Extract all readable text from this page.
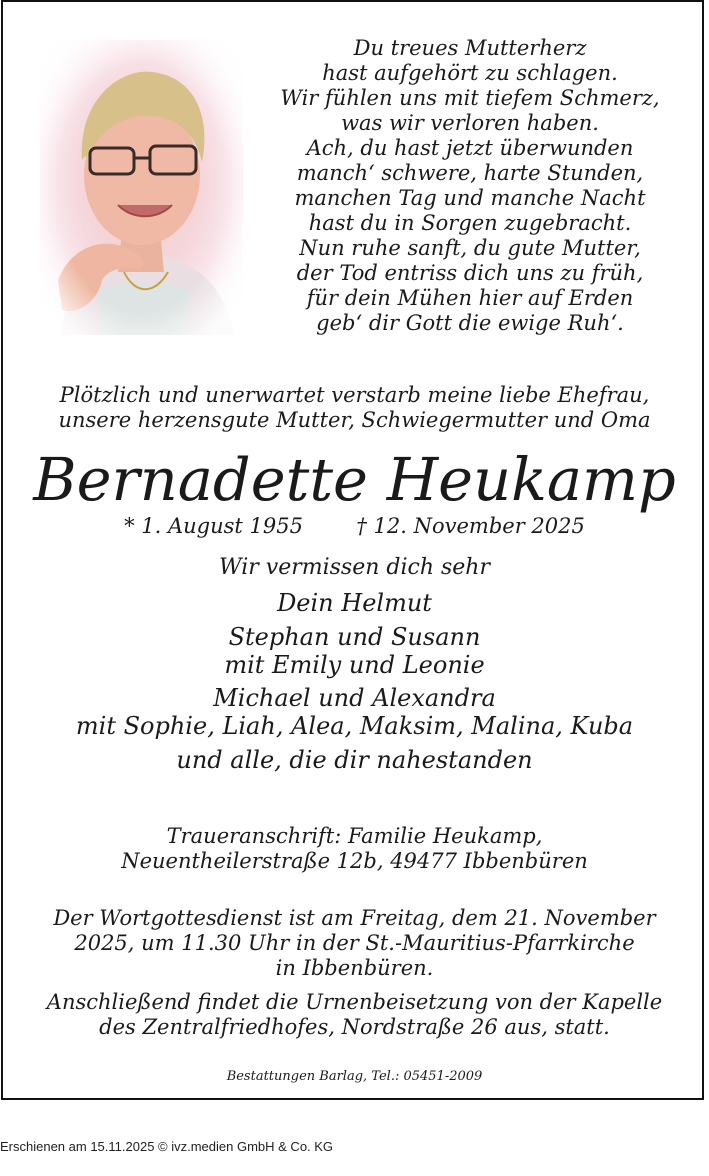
Du treues Mutterherz
hast aufgehört zu schlagen.
Wir fühlen uns mit tiefem Schmerz,
was wir verloren haben.
Ach, du hast jetzt überwunden
manch‘ schwere, harte Stunden,
manchen Tag und manche Nacht
hast du in Sorgen zugebracht.
Nun ruhe sanft, du gute Mutter,
der Tod entriss dich uns zu früh,
für dein Mühen hier auf Erden
geb‘ dir Gott die ewige Ruh‘.
Plötzlich und unerwartet verstarb meine liebe Ehefrau,
unsere herzensgute Mutter, Schwiegermutter und Oma
Bernadette Heukamp
* 1. August 1955	† 12. November 2025
Wir vermissen dich sehr
Dein Helmut
Stephan und Susann
mit Emily und Leonie
Michael und Alexandra
mit Sophie, Liah, Alea, Maksim, Malina, Kuba
und alle, die dir nahestanden
Traueranschrift: Familie Heukamp,
Neuentheilerstraße 12b, 49477 Ibbenbüren
Der Wortgottesdienst ist am Freitag, dem 21. November
2025, um 11.30 Uhr in der St.-Mauritius-Pfarrkirche
in Ibbenbüren.
Anschließend findet die Urnenbeisetzung von der Kapelle
des Zentralfriedhofes, Nordstraße 26 aus, statt.
Bestattungen Barlag, Tel.: 05451-2009
Erschienen am 15.11.2025 © ivz.medien GmbH & Co. KG
